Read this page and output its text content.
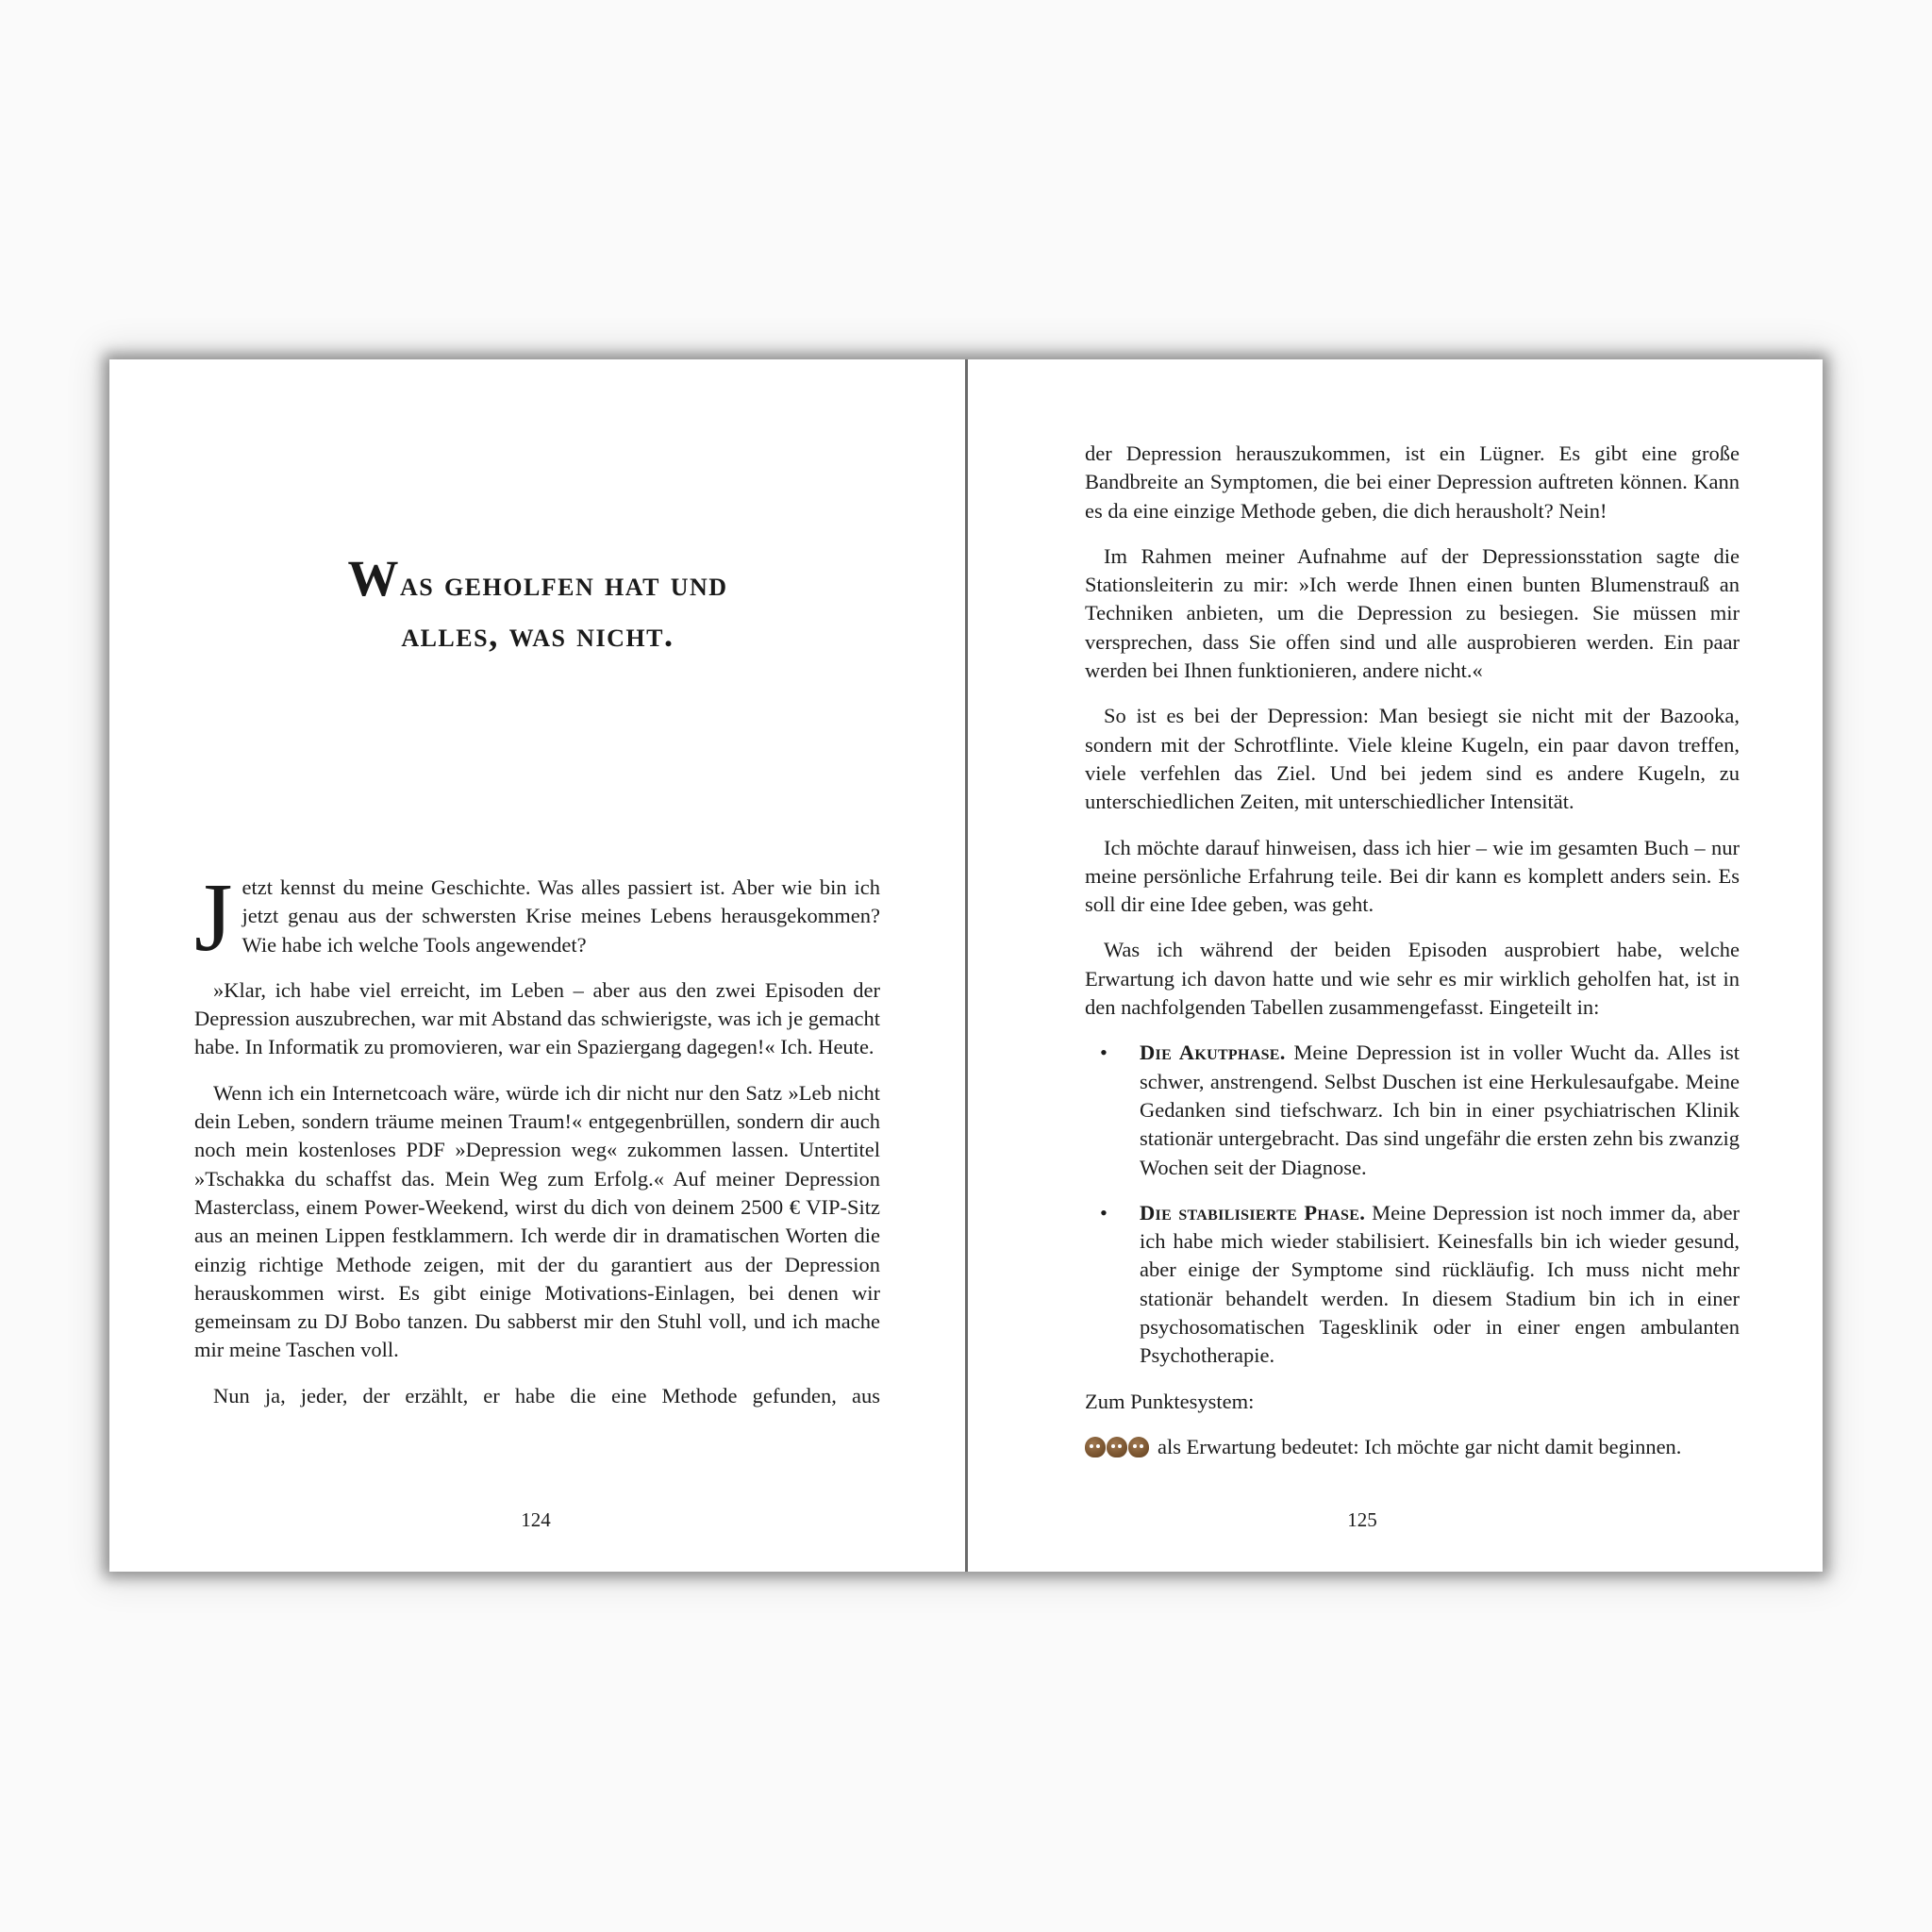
Was geholfen hat und
alles, was nicht.

Jetzt kennst du meine Geschichte. Was alles passiert ist. Aber wie bin ich jetzt genau aus der schwersten Krise meines Lebens herausgekommen? Wie habe ich welche Tools angewendet?

»Klar, ich habe viel erreicht, im Leben – aber aus den zwei Episoden der Depression auszubrechen, war mit Abstand das schwierigste, was ich je gemacht habe. In Informatik zu promovieren, war ein Spaziergang dagegen!« Ich. Heute.

Wenn ich ein Internetcoach wäre, würde ich dir nicht nur den Satz »Leb nicht dein Leben, sondern träume meinen Traum!« entgegenbrüllen, sondern dir auch noch mein kostenloses PDF »Depression weg« zukommen lassen. Untertitel »Tschakka du schaffst das. Mein Weg zum Erfolg.« Auf meiner Depression Masterclass, einem Power-Weekend, wirst du dich von deinem 2500 € VIP-Sitz aus an meinen Lippen festklammern. Ich werde dir in dramatischen Worten die einzig richtige Methode zeigen, mit der du garantiert aus der Depression herauskommen wirst. Es gibt einige Motivations-Einlagen, bei denen wir gemeinsam zu DJ Bobo tanzen. Du sabberst mir den Stuhl voll, und ich mache mir meine Taschen voll.

Nun ja, jeder, der erzählt, er habe die eine Methode gefunden, aus

124

der Depression herauszukommen, ist ein Lügner. Es gibt eine große Bandbreite an Symptomen, die bei einer Depression auftreten können. Kann es da eine einzige Methode geben, die dich herausholt? Nein!

Im Rahmen meiner Aufnahme auf der Depressionsstation sagte die Stationsleiterin zu mir: »Ich werde Ihnen einen bunten Blumenstrauß an Techniken anbieten, um die Depression zu besiegen. Sie müssen mir versprechen, dass Sie offen sind und alle ausprobieren werden. Ein paar werden bei Ihnen funktionieren, andere nicht.«

So ist es bei der Depression: Man besiegt sie nicht mit der Bazooka, sondern mit der Schrotflinte. Viele kleine Kugeln, ein paar davon treffen, viele verfehlen das Ziel. Und bei jedem sind es andere Kugeln, zu unterschiedlichen Zeiten, mit unterschiedlicher Intensität.

Ich möchte darauf hinweisen, dass ich hier – wie im gesamten Buch – nur meine persönliche Erfahrung teile. Bei dir kann es komplett anders sein. Es soll dir eine Idee geben, was geht.

Was ich während der beiden Episoden ausprobiert habe, welche Erwartung ich davon hatte und wie sehr es mir wirklich geholfen hat, ist in den nachfolgenden Tabellen zusammengefasst. Eingeteilt in:

• Die Akutphase. Meine Depression ist in voller Wucht da. Alles ist schwer, anstrengend. Selbst Duschen ist eine Herkulesaufgabe. Meine Gedanken sind tiefschwarz. Ich bin in einer psychiatrischen Klinik stationär untergebracht. Das sind ungefähr die ersten zehn bis zwanzig Wochen seit der Diagnose.
• Die stabilisierte Phase. Meine Depression ist noch immer da, aber ich habe mich wieder stabilisiert. Keinesfalls bin ich wieder gesund, aber einige der Symptome sind rückläufig. Ich muss nicht mehr stationär behandelt werden. In diesem Stadium bin ich in einer psychosomatischen Tagesklinik oder in einer engen ambulanten Psychotherapie.

Zum Punktesystem:

als Erwartung bedeutet: Ich möchte gar nicht damit beginnen.

125
